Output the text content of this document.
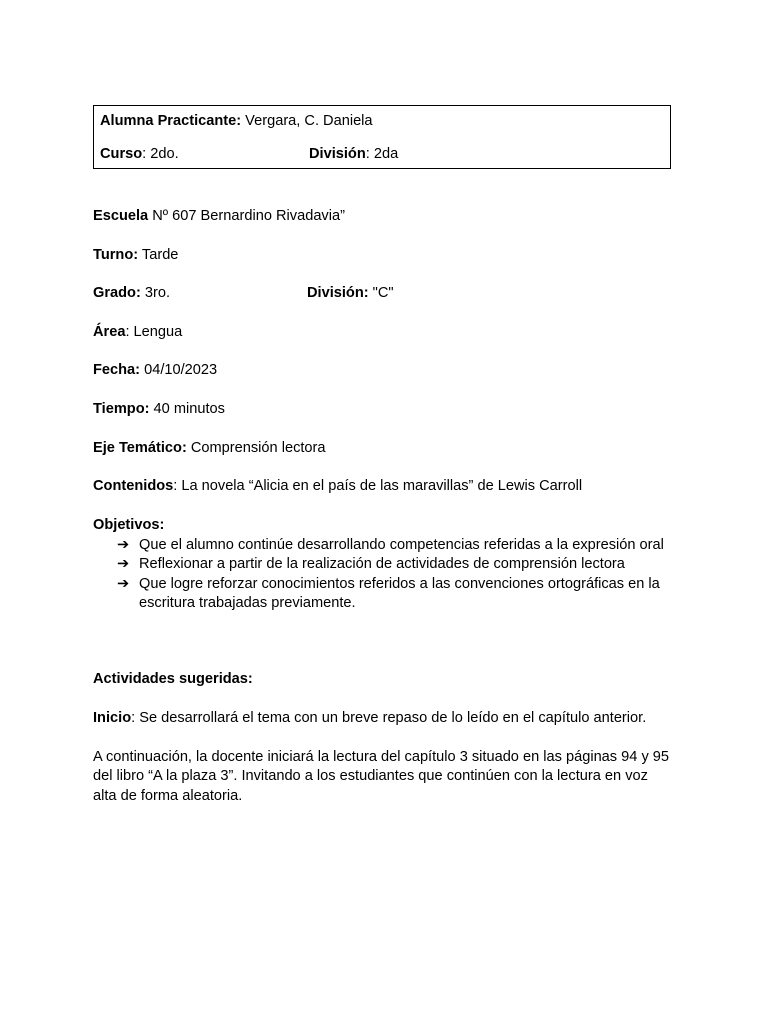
Alumna Practicante: Vergara, C. Daniela
Curso: 2do.	División: 2da
Escuela Nº 607 Bernardino Rivadavia”
Turno: Tarde
Grado: 3ro.	División: "C"
Área: Lengua
Fecha: 04/10/2023
Tiempo: 40 minutos
Eje Temático: Comprensión lectora
Contenidos: La novela “Alicia en el país de las maravillas” de Lewis Carroll
Objetivos:
➔ Que el alumno continúe desarrollando competencias referidas a la expresión oral
➔ Reflexionar a partir de la realización de actividades de comprensión lectora
➔ Que logre reforzar conocimientos referidos a las convenciones ortográficas en la escritura trabajadas previamente.
Actividades sugeridas:
Inicio: Se desarrollará el tema con un breve repaso de lo leído en el capítulo anterior.
A continuación, la docente iniciará la lectura del capítulo 3 situado en las páginas 94 y 95 del libro “A la plaza 3”. Invitando a los estudiantes que continúen con la lectura en voz alta de forma aleatoria.
